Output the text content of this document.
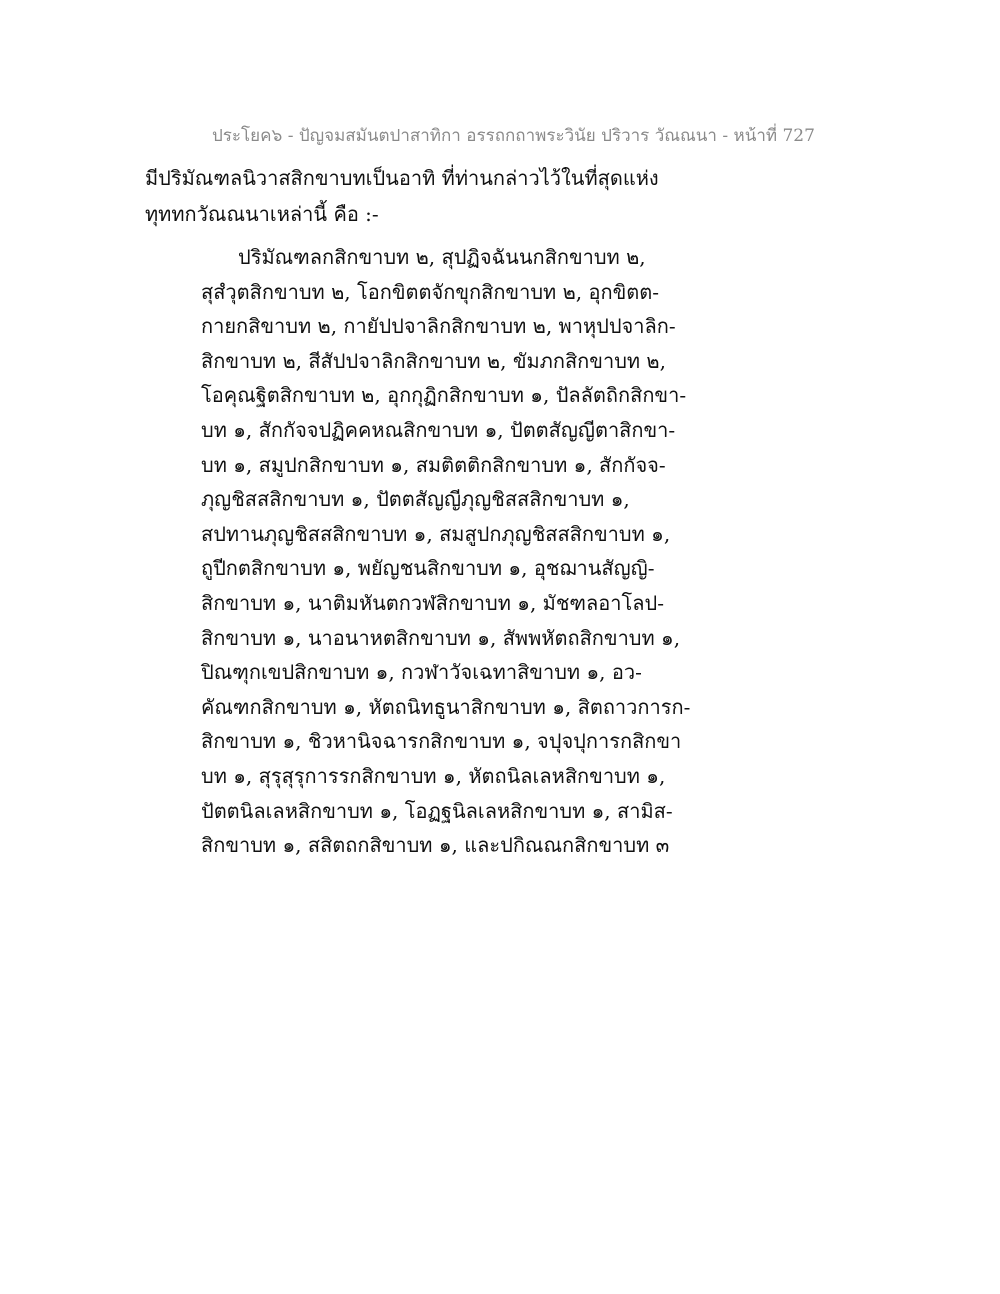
ประโยค๖ - ปัญจมสมันตปาสาทิกา อรรถกถาพระวินัย ปริวาร วัณณนา - หน้าที่ 727
มีปริมัณฑลนิวาสสิกขาบทเป็นอาทิ ที่ท่านกล่าวไว้ในที่สุดแห่ง
ทุททกวัณณนาเหล่านี้ คือ :-
ปริมัณฑลกสิกขาบท ๒, สุปฏิจฉันนกสิกขาบท ๒,
สุสํวุตสิกขาบท ๒, โอกขิตตจักขุกสิกขาบท ๒, อุกขิตต-
กายกสิขาบท ๒, กายัปปจาลิกสิกขาบท ๒, พาหุปปจาลิก-
สิกขาบท ๒, สีสัปปจาลิกสิกขาบท ๒, ขัมภกสิกขาบท ๒,
โอคุณฐิตสิกขาบท ๒, อุกกุฏิกสิกขาบท ๑, ปัลลัตถิกสิกขา-
บท ๑, สักกัจจปฏิคคหณสิกขาบท ๑, ปัตตสัญญีตาสิกขา-
บท ๑, สมูปกสิกขาบท ๑, สมติตติกสิกขาบท ๑, สักกัจจ-
ภุญชิสสสิกขาบท ๑, ปัตตสัญญีภุญชิสสสิกขาบท ๑,
สปทานภุญชิสสสิกขาบท ๑, สมสูปกภุญชิสสสิกขาบท ๑,
ถูปีกตสิกขาบท ๑, พยัญชนสิกขาบท ๑, อุชฌานสัญญิ-
สิกขาบท ๑, นาติมหันตกวฬสิกขาบท ๑, มัชฑลอาโลป-
สิกขาบท ๑, นาอนาหตสิกขาบท ๑, สัพพหัตถสิกขาบท ๑,
ปิณฑุกเขปสิกขาบท ๑, กวฬาวัจเฉทาสิขาบท ๑, อว-
คัณฑกสิกขาบท ๑, หัตถนิทธูนาสิกขาบท ๑, สิตถาวการก-
สิกขาบท ๑, ชิวหานิจฉารกสิกขาบท ๑, จปุจปุการกสิกขา
บท ๑, สุรุสุรุการรกสิกขาบท ๑, หัตถนิลเลหสิกขาบท ๑,
ปัตตนิลเลหสิกขาบท ๑, โอฏฐนิลเลหสิกขาบท ๑, สามิส-
สิกขาบท ๑, สสิตถกสิขาบท ๑, และปกิณณกสิกขาบท ๓
